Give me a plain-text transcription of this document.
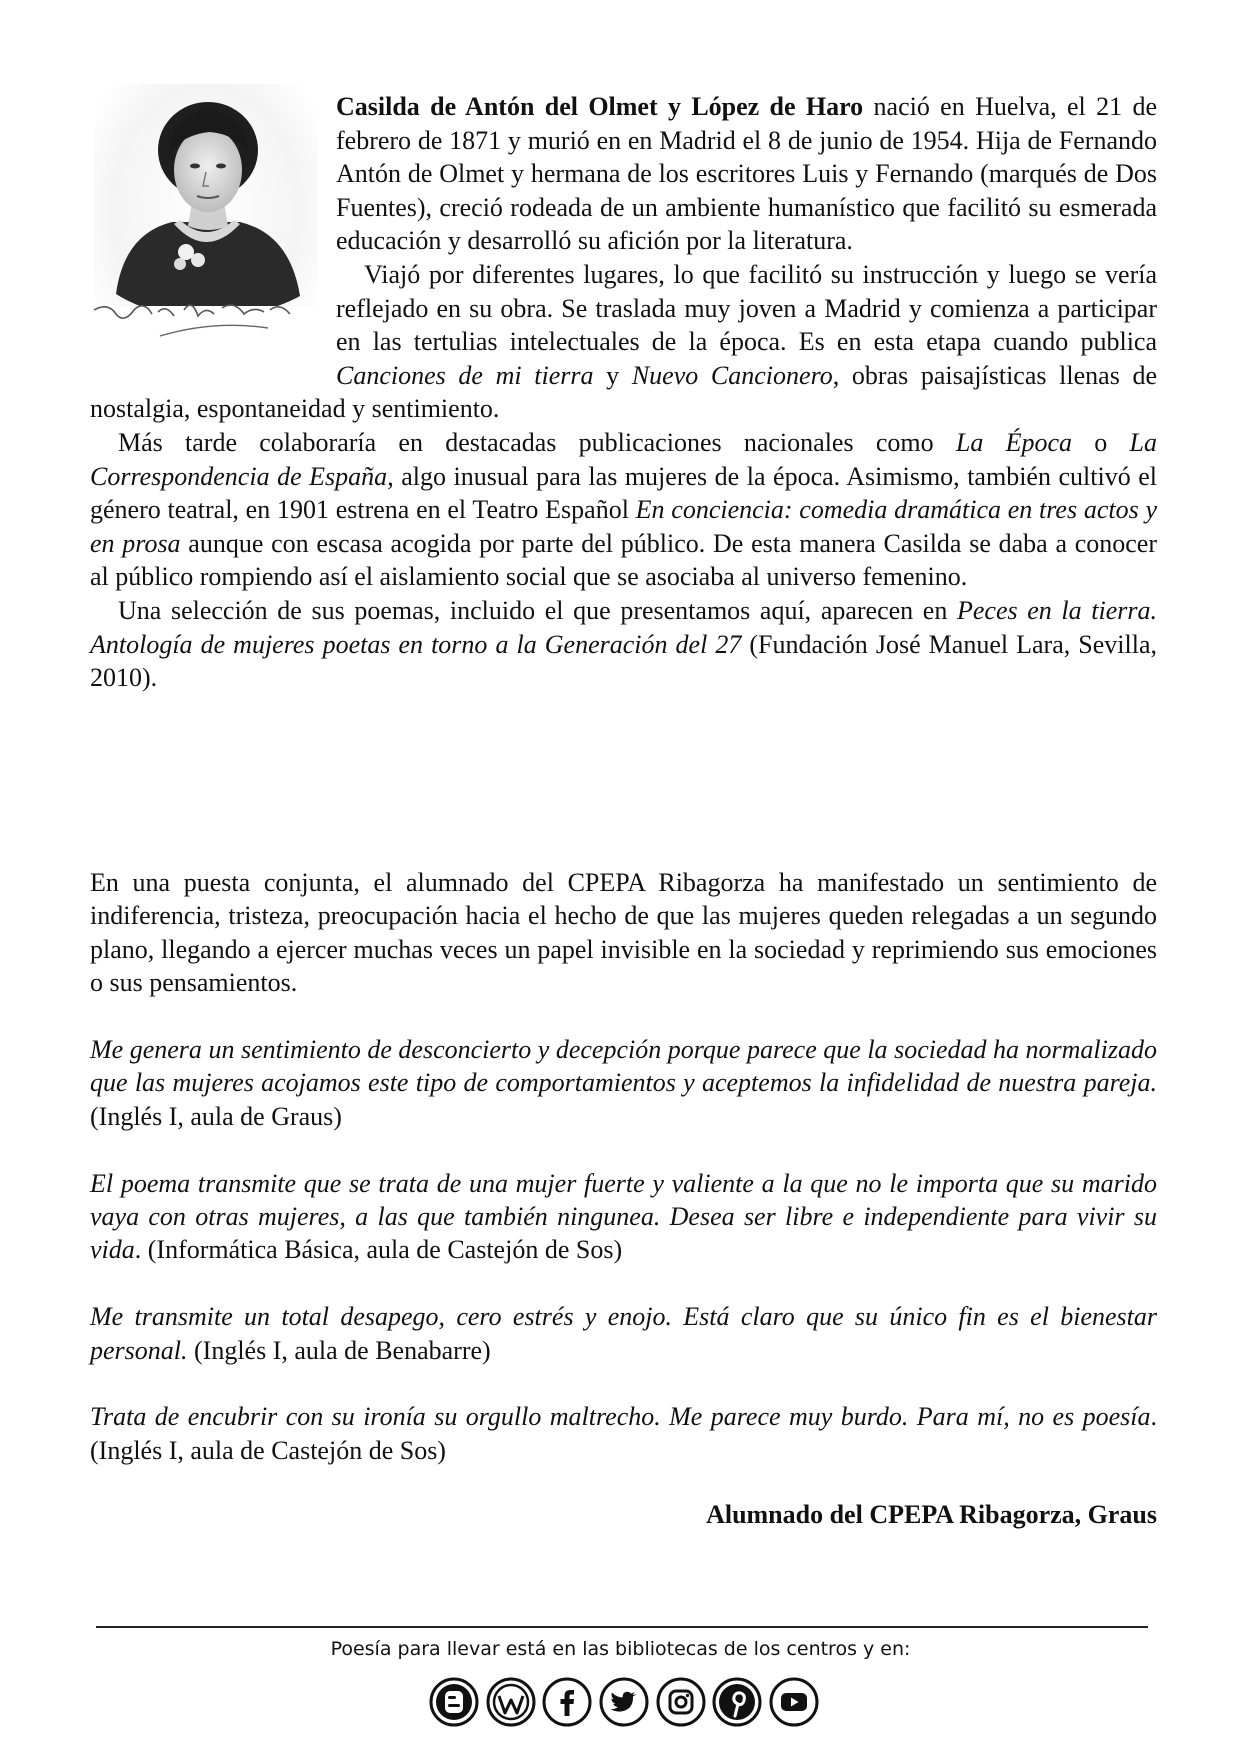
Casilda de Antón del Olmet y López de Haro nació en Huelva, el 21 de febrero de 1871 y murió en en Madrid el 8 de junio de 1954. Hija de Fernando Antón de Olmet y hermana de los escritores Luis y Fernando (marqués de Dos Fuentes), creció rodeada de un ambiente humanístico que facilitó su esmerada educación y desarrolló su afición por la literatura.

Viajó por diferentes lugares, lo que facilitó su instrucción y luego se vería reflejado en su obra. Se traslada muy joven a Madrid y comienza a participar en las tertulias intelectuales de la época. Es en esta etapa cuando publica Canciones de mi tierra y Nuevo Cancionero, obras paisajísticas llenas de nostalgia, espontaneidad y sentimiento.

Más tarde colaboraría en destacadas publicaciones nacionales como La Época o La Correspondencia de España, algo inusual para las mujeres de la época. Asimismo, también cultivó el género teatral, en 1901 estrena en el Teatro Español En conciencia: comedia dramática en tres actos y en prosa aunque con escasa acogida por parte del público. De esta manera Casilda se daba a conocer al público rompiendo así el aislamiento social que se asociaba al universo femenino.

Una selección de sus poemas, incluido el que presentamos aquí, aparecen en Peces en la tierra. Antología de mujeres poetas en torno a la Generación del 27 (Fundación José Manuel Lara, Sevilla, 2010).

En una puesta conjunta, el alumnado del CPEPA Ribagorza ha manifestado un sentimiento de indiferencia, tristeza, preocupación hacia el hecho de que las mujeres queden relegadas a un segundo plano, llegando a ejercer muchas veces un papel invisible en la sociedad y reprimiendo sus emociones o sus pensamientos.

Me genera un sentimiento de desconcierto y decepción porque parece que la sociedad ha normalizado que las mujeres acojamos este tipo de comportamientos y aceptemos la infidelidad de nuestra pareja. (Inglés I, aula de Graus)

El poema transmite que se trata de una mujer fuerte y valiente a la que no le importa que su marido vaya con otras mujeres, a las que también ningunea. Desea ser libre e independiente para vivir su vida. (Informática Básica, aula de Castejón de Sos)

Me transmite un total desapego, cero estrés y enojo. Está claro que su único fin es el bienestar personal. (Inglés I, aula de Benabarre)

Trata de encubrir con su ironía su orgullo maltrecho. Me parece muy burdo. Para mí, no es poesía. (Inglés I, aula de Castejón de Sos)

Alumnado del CPEPA Ribagorza, Graus
Poesía para llevar está en las bibliotecas de los centros y en:
